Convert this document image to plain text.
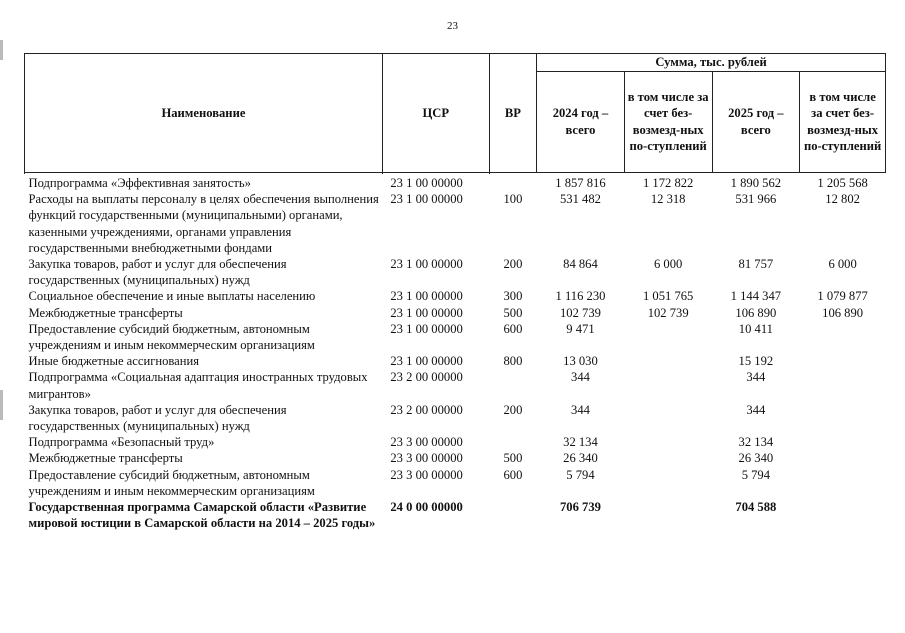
23
Наименование	ЦСР	ВР	Сумма, тыс. рублей			
			2024 год – всего	в том числе за счет без-возмезд-ных по-ступлений	2025 год – всего	в том числе за счет без-возмезд-ных по-ступлений

Подпрограмма «Эффективная занятость»	23 1 00 00000		1 857 816	1 172 822	1 890 562	1 205 568
Расходы на выплаты персоналу в целях обеспечения выполнения функций государственными (муниципальными) органами, казенными учреждениями, органами управления государственными внебюджетными фондами	23 1 00 00000	100	531 482	12 318	531 966	12 802
Закупка товаров, работ и услуг для обеспечения государственных (муниципальных) нужд	23 1 00 00000	200	84 864	6 000	81 757	6 000
Социальное обеспечение и иные выплаты населению	23 1 00 00000	300	1 116 230	1 051 765	1 144 347	1 079 877
Межбюджетные трансферты	23 1 00 00000	500	102 739	102 739	106 890	106 890
Предоставление субсидий бюджетным, автономным учреждениям и иным некоммерческим организациям	23 1 00 00000	600	9 471		10 411	
Иные бюджетные ассигнования	23 1 00 00000	800	13 030		15 192	
Подпрограмма «Социальная адаптация иностранных трудовых мигрантов»	23 2 00 00000		344		344	
Закупка товаров, работ и услуг для обеспечения государственных (муниципальных) нужд	23 2 00 00000	200	344		344	
Подпрограмма «Безопасный труд»	23 3 00 00000		32 134		32 134	
Межбюджетные трансферты	23 3 00 00000	500	26 340		26 340	
Предоставление субсидий бюджетным, автономным учреждениям и иным некоммерческим организациям	23 3 00 00000	600	5 794		5 794	
Государственная программа Самарской области «Развитие мировой юстиции в Самарской области на 2014 – 2025 годы»	24 0 00 00000		706 739		704 588	
